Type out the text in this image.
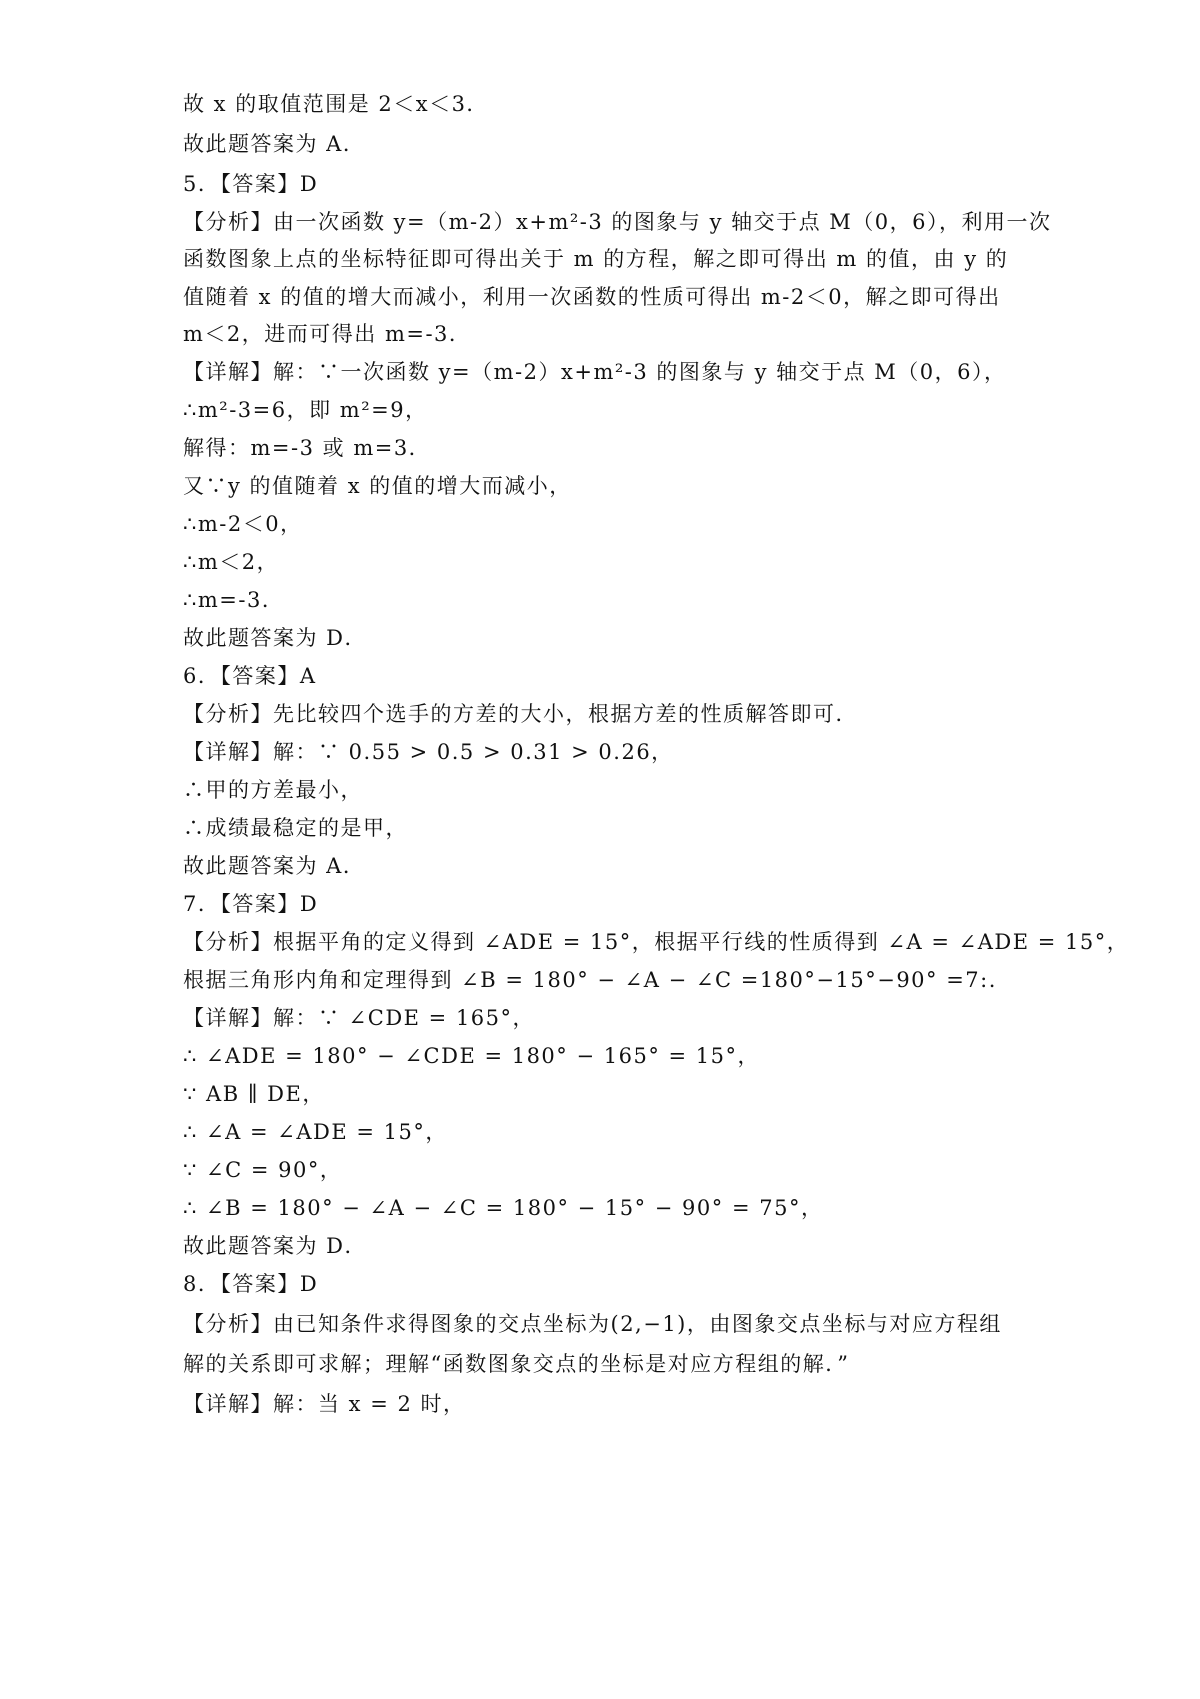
故 x 的取值范围是 2＜x＜3．
故此题答案为 A．
5．【答案】D
【分析】由一次函数 y=（m-2）x+m²-3 的图象与 y 轴交于点 M（0，6），利用一次
函数图象上点的坐标特征即可得出关于 m 的方程，解之即可得出 m 的值，由 y 的
值随着 x 的值的增大而减小，利用一次函数的性质可得出 m-2＜0，解之即可得出
m＜2，进而可得出 m=-3．
【详解】解：∵一次函数 y=（m-2）x+m²-3 的图象与 y 轴交于点 M（0，6），
∴m²-3=6，即 m²=9，
解得：m=-3 或 m=3．
又∵y 的值随着 x 的值的增大而减小，
∴m-2＜0，
∴m＜2，
∴m=-3．
故此题答案为 D．
6．【答案】A
【分析】先比较四个选手的方差的大小，根据方差的性质解答即可．
【详解】解：∵ 0.55 > 0.5 > 0.31 > 0.26，
∴甲的方差最小，
∴成绩最稳定的是甲，
故此题答案为 A．
7．【答案】D
【分析】根据平角的定义得到 ∠ADE = 15°，根据平行线的性质得到 ∠A = ∠ADE = 15°，
根据三角形内角和定理得到 ∠B = 180° − ∠A − ∠C =180°−15°−90° =7:.
【详解】解：∵ ∠CDE = 165°，
∴ ∠ADE = 180° − ∠CDE = 180° − 165° = 15°，
∵ AB ∥ DE，
∴ ∠A = ∠ADE = 15°，
∵ ∠C = 90°，
∴ ∠B = 180° − ∠A − ∠C = 180° − 15° − 90° = 75°，
故此题答案为 D．
8．【答案】D
【分析】由已知条件求得图象的交点坐标为(2,−1)，由图象交点坐标与对应方程组
解的关系即可求解；理解“函数图象交点的坐标是对应方程组的解．”
【详解】解：当 x = 2 时，
